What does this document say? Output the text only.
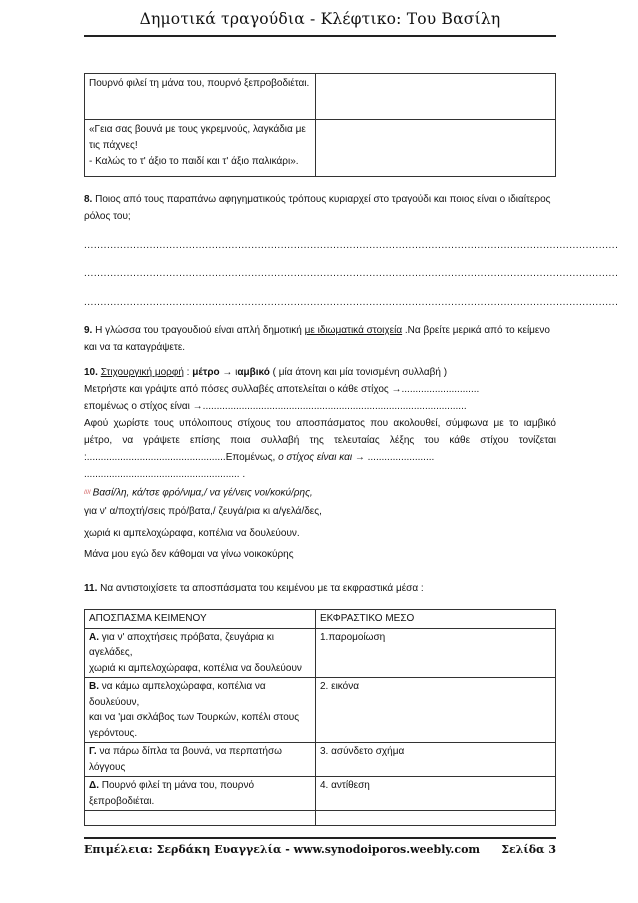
Δημοτικά τραγούδια - Κλέφτικο: Του Βασίλη
Πουρνό φιλεί τη μάνα του, πουρνό ξεπροβοδιέται.	
«Γεια σας βουνά με τους γκρεμνούς, λαγκάδια με τις πάχνες!
- Καλώς το τ' άξιο το παιδί και τ' άξιο παλικάρι».	
8. Ποιος από τους παραπάνω αφηγηματικούς τρόπους κυριαρχεί στο τραγούδι και ποιος είναι ο ιδιαίτερος ρόλος του;
...................................................................................................................................................................
...................................................................................................................................................................
...................................................................................................................................................................
9. Η γλώσσα του τραγουδιού είναι απλή δημοτική με ιδιωματικά στοιχεία .Να βρείτε μερικά από το κείμενο και να τα καταγράψετε.
10. Στιχουργική μορφή : μέτρο → ιαμβικό ( μία άτονη και μία τονισμένη συλλαβή )
Μετρήστε και γράψτε από πόσες συλλαβές αποτελείται ο κάθε στίχος →............................
επομένως ο στίχος είναι →...............................................................................................
Αφού χωρίστε τους υπόλοιπους στίχους του αποσπάσματος που ακολουθεί, σύμφωνα με το ιαμβικό μέτρο, να γράψετε επίσης ποια συλλαβή της τελευταίας λέξης του κάθε στίχου τονίζεται :..................................................Επομένως, ο στίχος είναι και → ........................
........................................................ .
//// Βασί/λη, κά/τσε φρό/νιμα,/ να γέ/νεις νοι/κοκύ/ρης,
για ν' α/ποχτή/σεις πρό/βατα,/ ζευγά/ρια κι α/γελά/δες,
χωριά κι αμπελοχώραφα, κοπέλια να δουλεύουν.
Μάνα μου εγώ δεν κάθομαι να γίνω νοικοκύρης
11. Να αντιστοιχίσετε τα αποσπάσματα του κειμένου με τα εκφραστικά μέσα :
ΑΠΟΣΠΑΣΜΑ ΚΕΙΜΕΝΟΥ	ΕΚΦΡΑΣΤΙΚΟ ΜΕΣΟ
Α. για ν' αποχτήσεις πρόβατα, ζευγάρια κι αγελάδες,
χωριά κι αμπελοχώραφα, κοπέλια να δουλεύουν	1.παρομοίωση
Β. να κάμω αμπελοχώραφα, κοπέλια να δουλεύουν,
και να 'μαι σκλάβος των Τουρκών, κοπέλι στους γερόντους.	2. εικόνα
Γ. να πάρω δίπλα τα βουνά, να περπατήσω λόγγους	3. ασύνδετο σχήμα
Δ. Πουρνό φιλεί τη μάνα του, πουρνό ξεπροβοδιέται.	4. αντίθεση

Επιμέλεια: Σερδάκη Ευαγγελία - www.synodoiporos.weebly.com Σελίδα 3
